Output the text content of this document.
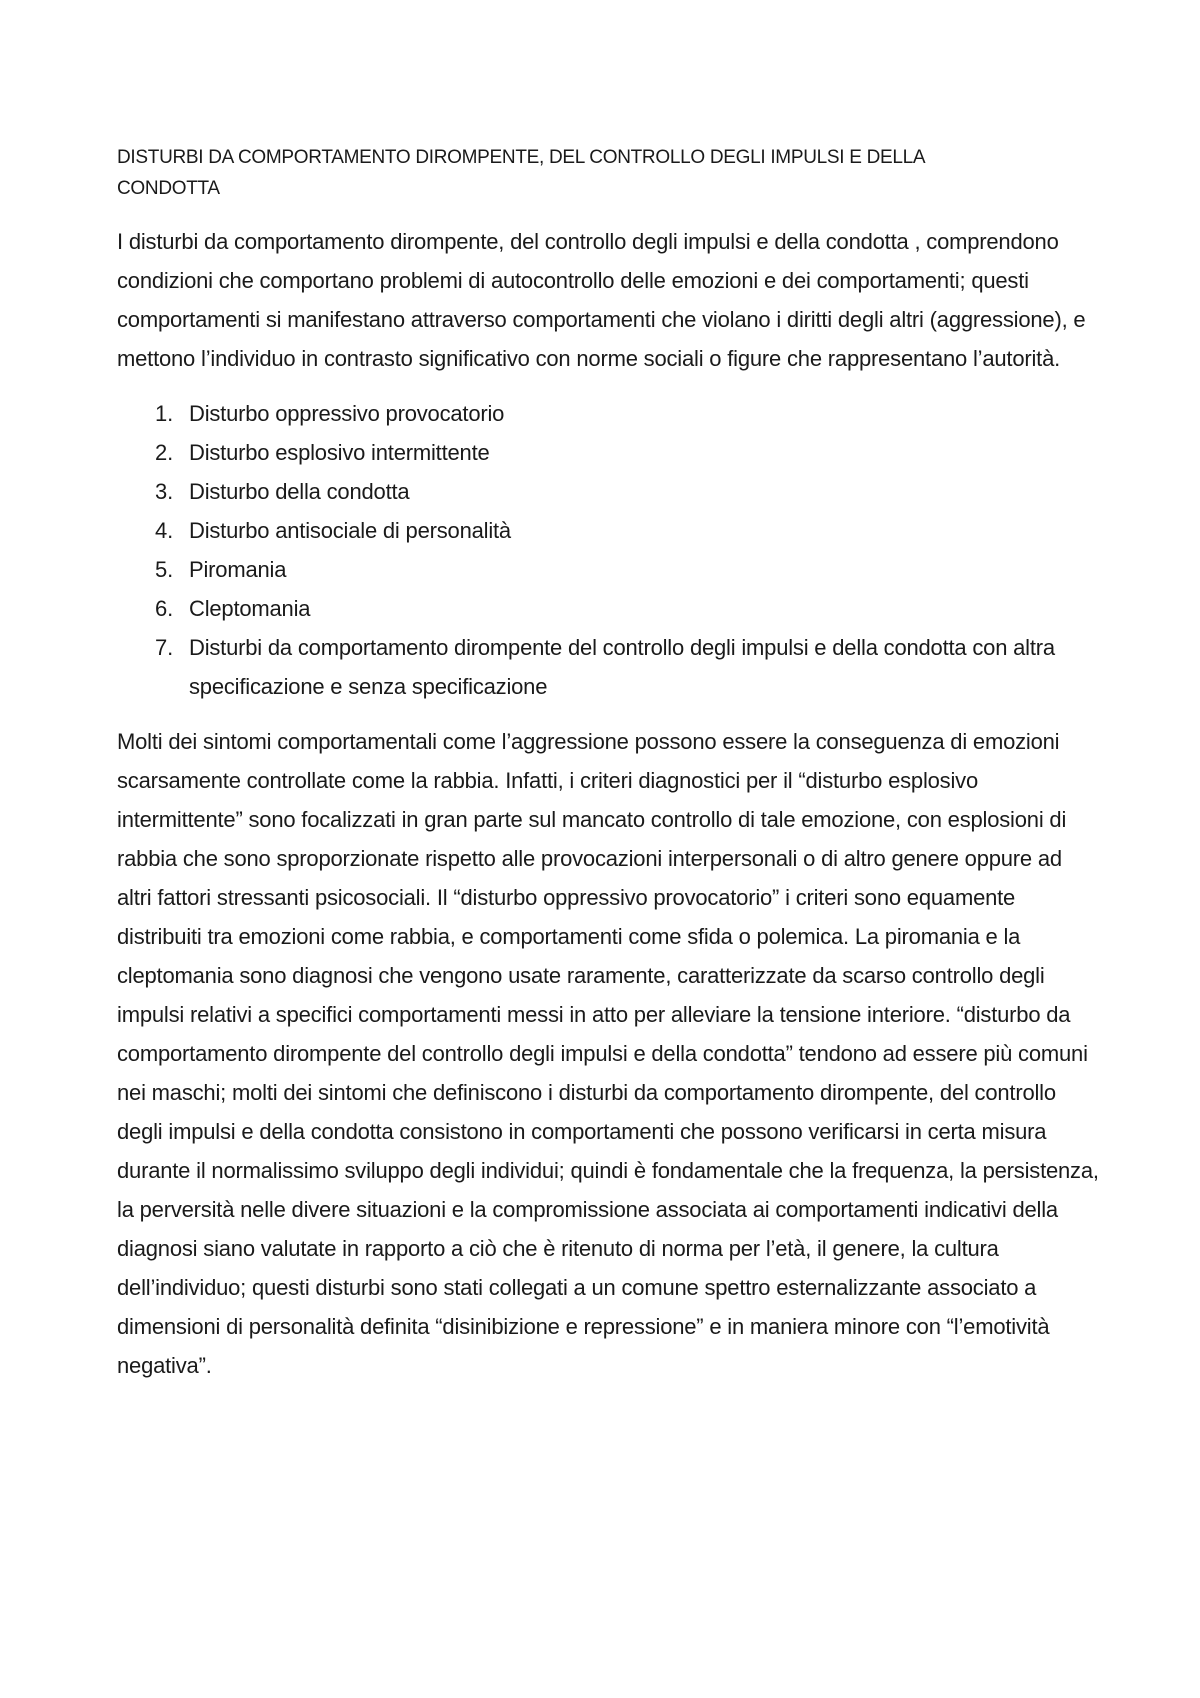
DISTURBI DA COMPORTAMENTO DIROMPENTE, DEL CONTROLLO DEGLI IMPULSI E DELLA CONDOTTA

I disturbi da comportamento dirompente, del controllo degli impulsi e della condotta , comprendono condizioni che comportano problemi di autocontrollo delle emozioni e dei comportamenti; questi comportamenti si manifestano attraverso comportamenti che violano i diritti degli altri (aggressione), e mettono l’individuo in contrasto significativo con norme sociali o figure che rappresentano l’autorità.

Disturbo oppressivo provocatorio
Disturbo esplosivo intermittente
Disturbo della condotta
Disturbo antisociale di personalità
Piromania
Cleptomania
Disturbi da comportamento dirompente del controllo degli impulsi e della condotta con altra specificazione e senza specificazione

Molti dei sintomi comportamentali come l’aggressione possono essere la conseguenza di emozioni scarsamente controllate come la rabbia. Infatti, i criteri diagnostici per il “disturbo esplosivo intermittente” sono focalizzati in gran parte sul mancato controllo di tale emozione, con esplosioni di rabbia che sono sproporzionate rispetto alle provocazioni interpersonali o di altro genere oppure ad altri fattori stressanti psicosociali. Il “disturbo oppressivo provocatorio” i criteri sono equamente distribuiti tra emozioni come rabbia, e comportamenti come sfida o polemica. La piromania e la cleptomania sono diagnosi che vengono usate raramente, caratterizzate da scarso controllo degli impulsi relativi a specifici comportamenti messi in atto per alleviare la tensione interiore. “disturbo da comportamento dirompente del controllo degli impulsi e della condotta” tendono ad essere più comuni nei maschi; molti dei sintomi che definiscono i disturbi da comportamento dirompente, del controllo degli impulsi e della condotta consistono in comportamenti che possono verificarsi in certa misura durante il normalissimo sviluppo degli individui; quindi è fondamentale che la frequenza, la persistenza, la perversità nelle divere situazioni e la compromissione associata ai comportamenti indicativi della diagnosi siano valutate in rapporto a ciò che è ritenuto di norma per l’età, il genere, la cultura dell’individuo; questi disturbi sono stati collegati a un comune spettro esternalizzante associato a dimensioni di personalità definita “disinibizione e repressione” e in maniera minore con “l’emotività negativa”.
